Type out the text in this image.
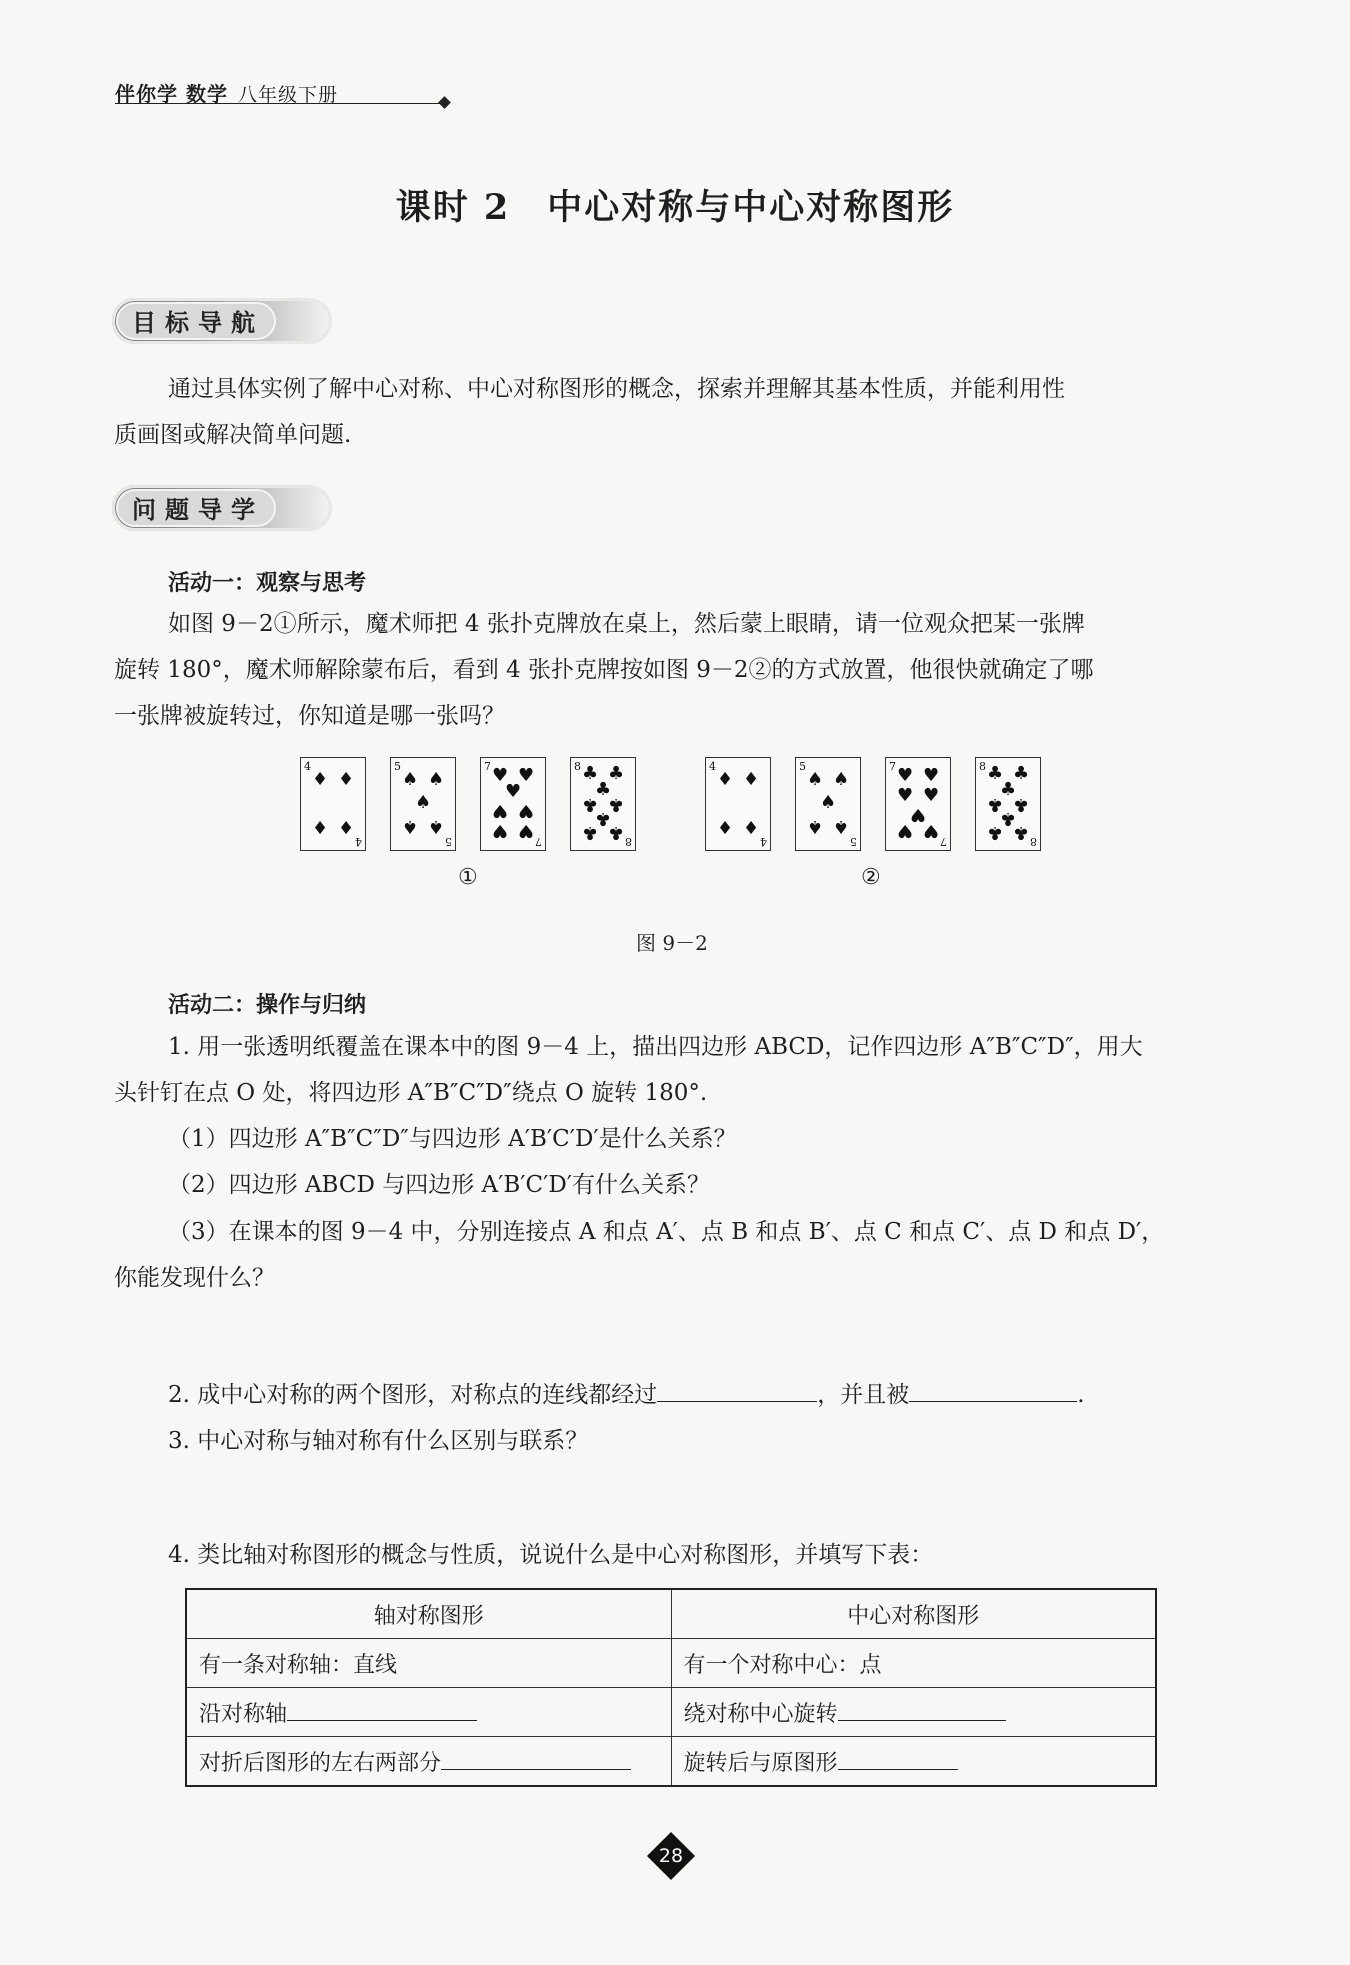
伴你学 数学 八年级下册
课时 2　中心对称与中心对称图形
目标导航
通过具体实例了解中心对称、中心对称图形的概念，探索并理解其基本性质，并能利用性
质画图或解决简单问题.
问题导学
活动一：观察与思考
如图 9－2①所示，魔术师把 4 张扑克牌放在桌上，然后蒙上眼睛，请一位观众把某一张牌
旋转 180°，魔术师解除蒙布后，看到 4 张扑克牌按如图 9－2②的方式放置，他很快就确定了哪
一张牌被旋转过，你知道是哪一张吗？
4
4
♦ ♦
♦ ♦
5
5
♠ ♠
♠
♠ ♠
7
7
♥ ♥
♥
♥ ♥
♥ ♥
8
8
♣ ♣
♣
♣ ♣
♣
♣ ♣
4
4
♦ ♦
♦ ♦
5
5
♠ ♠
♠
♠ ♠
7
7
♥
♥
♥
♥
♥
♥
♥	8
8
♣ ♣
♣
♣ ♣
♣
♣ ♣
①	②
图 9－2
活动二：操作与归纳
1. 用一张透明纸覆盖在课本中的图 9－4 上，描出四边形 ABCD，记作四边形 A″B″C″D″，用大
头针钉在点 O 处，将四边形 A″B″C″D″绕点 O 旋转 180°.
（1）四边形 A″B″C″D″与四边形 A′B′C′D′是什么关系？
（2）四边形 ABCD 与四边形 A′B′C′D′有什么关系？
（3）在课本的图 9－4 中，分别连接点 A 和点 A′、点 B 和点 B′、点 C 和点 C′、点 D 和点 D′，
你能发现什么？
2. 成中心对称的两个图形，对称点的连线都经过	，并且被	.
3. 中心对称与轴对称有什么区别与联系？
4. 类比轴对称图形的概念与性质，说说什么是中心对称图形，并填写下表：
轴对称图形	中心对称图形
有一条对称轴：直线	有一个对称中心：点
沿对称轴	绕对称中心旋转
对折后图形的左右两部分	旋转后与原图形
28
